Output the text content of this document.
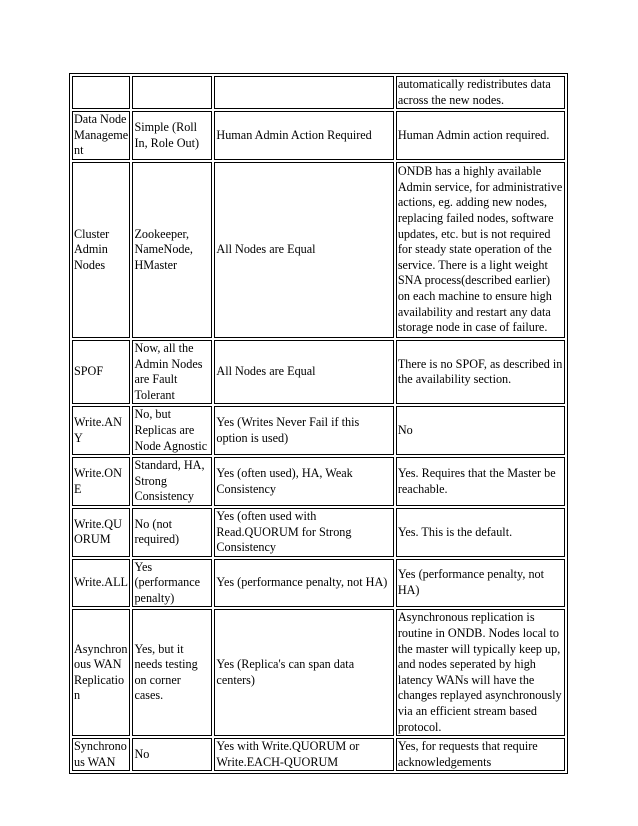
			automatically redistributes data across the new nodes.
Data Node Management	Simple (Roll In, Role Out)	Human Admin Action Required	Human Admin action required.
Cluster Admin Nodes	Zookeeper, NameNode, HMaster	All Nodes are Equal	ONDB has a highly available Admin service, for administrative actions, eg. adding new nodes, replacing failed nodes, software updates, etc. but is not required for steady state operation of the service. There is a light weight SNA process(described earlier) on each machine to ensure high availability and restart any data storage node in case of failure.
SPOF	Now, all the Admin Nodes are Fault Tolerant	All Nodes are Equal	There is no SPOF, as described in the availability section.
Write.ANY	No, but Replicas are Node Agnostic	Yes (Writes Never Fail if this option is used)	No
Write.ONE	Standard, HA, Strong Consistency	Yes (often used), HA, Weak Consistency	Yes. Requires that the Master be reachable.
Write.QUORUM	No (not required)	Yes (often used with Read.QUORUM for Strong Consistency	Yes. This is the default.
Write.ALL	Yes (performance penalty)	Yes (performance penalty, not HA)	Yes (performance penalty, not HA)
Asynchronous WAN Replication	Yes, but it needs testing on corner cases.	Yes (Replica's can span data centers)	Asynchronous replication is routine in ONDB. Nodes local to the master will typically keep up, and nodes seperated by high latency WANs will have the changes replayed asynchronously via an efficient stream based protocol.
Synchronous WAN	No	Yes with Write.QUORUM or Write.EACH-QUORUM	Yes, for requests that require acknowledgements
